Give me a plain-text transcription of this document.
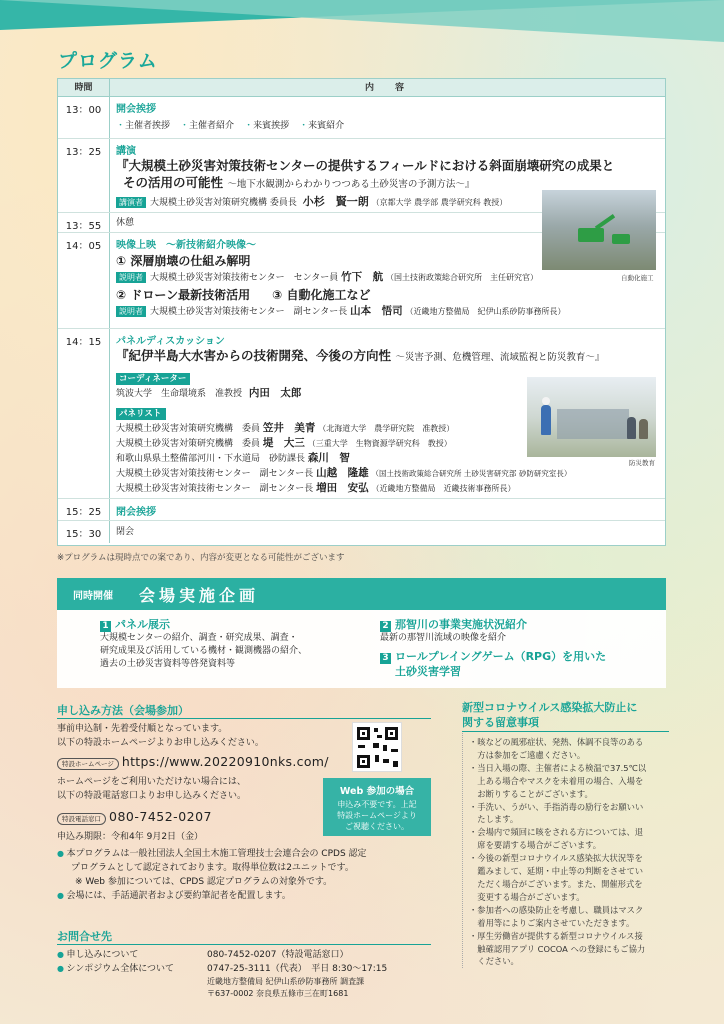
プログラム
時間	内　容
13：00	開会挨拶
・ 主催者挨拶 ・ 主催者紹介 ・ 来賓挨拶 ・ 来賓紹介
13：25	講演
『大規模土砂災害対策技術センターの提供するフィールドにおける斜面崩壊研究の成果と
その活用の可能性 ～地下水観測からわかりつつある土砂災害の予測方法～』
講演者 大規模土砂災害対策研究機構 委員長 小杉　賢一朗 （京都大学 農学部 農学研究科 教授）
13：55	休憩
14：05	映像上映　～新技術紹介映像～
① 深層崩壊の仕組み解明
説明者 大規模土砂災害対策技術センター　センター員 竹下　航 （国土技術政策総合研究所　主任研究官）
② ドローン最新技術活用 ③ 自動化施工など
説明者 大規模土砂災害対策技術センター　副センター長 山本　悟司 （近畿地方整備局　紀伊山系砂防事務所長）
14：15	パネルディスカッション
『紀伊半島大水害からの技術開発、今後の方向性 ～災害予測、危機管理、流域監視と防災教育～』
コーディネーター
筑波大学　生命環境系　准教授 内田　太郎
パネリスト
大規模土砂災害対策研究機構　委員 笠井　美青 （北海道大学　農学研究院　准教授）
大規模土砂災害対策研究機構　委員 堤　大三 （三重大学　生物資源学研究科　教授）
和歌山県県土整備部河川・下水道局　砂防課長 森川　智
大規模土砂災害対策技術センター　副センター長 山越　隆雄 （国土技術政策総合研究所 土砂災害研究部 砂防研究室長）
大規模土砂災害対策技術センター　副センター長 増田　安弘 （近畿地方整備局　近畿技術事務所長）
15：25	閉会挨拶
15：30	閉会
自動化施工
防災教育
※プログラムは現時点での案であり、内容が変更となる可能性がございます
同時開催 会場実施企画
1 パネル展示
大規模センターの紹介、調査・研究成果、調査・
研究成果及び活用している機材・観測機器の紹介、
過去の土砂災害資料等啓発資料等
2 那智川の事業実施状況紹介
最新の那智川流域の映像を紹介
3 ロールプレイングゲーム（RPG）を用いた
土砂災害学習
申し込み方法（会場参加）
事前申込制・先着受付順となっています。
以下の特設ホームページよりお申し込みください。
特設ホームページ https://www.20220910nks.com/
ホームページをご利用いただけない場合には、
以下の特設電話窓口よりお申し込みください。
特設電話窓口 080-7452-0207
申込み期限：令和4年 9月2日（金）
● 本プログラムは一般社団法人全国土木施工管理技士会連合会の CPDS 認定
プログラムとして認定されております。取得単位数は2ユニットです。
※ Web 参加については、CPDS 認定プログラムの対象外です。
● 会場には、手話通訳者および要約筆記者を配置します。
Web 参加の場合
申込み不要です。上記
特設ホームページより
ご視聴ください。
お問合せ先
● 申し込みについて	080-7452-0207（特設電話窓口）
● シンポジウム全体について	0747-25-3111（代表）　平日 8:30～17:15
近畿地方整備局 紀伊山系砂防事務所 調査課
〒637-0002 奈良県五條市三在町1681
新型コロナウイルス感染拡大防止に
関する留意事項
・咳などの風邪症状、発熱、体調不良等のある
　方は参加をご遠慮ください。
・当日入場の際、主催者による検温で37.5℃以
　上ある場合やマスクを未着用の場合、入場を
　お断りすることがございます。
・手洗い、うがい、手指消毒の励行をお願いい
　たします。
・会場内で頻回に咳をされる方については、退
　席を要請する場合がございます。
・今後の新型コロナウイルス感染拡大状況等を
　鑑みまして、延期・中止等の判断をさせてい
　ただく場合がございます。また、開催形式を
　変更する場合がございます。
・参加者への感染防止を考慮し、職員はマスク
　着用等によりご案内させていただきます。
・厚生労働省が提供する新型コロナウイルス接
　触確認用アプリ COCOA への登録にもご協力
　ください。
